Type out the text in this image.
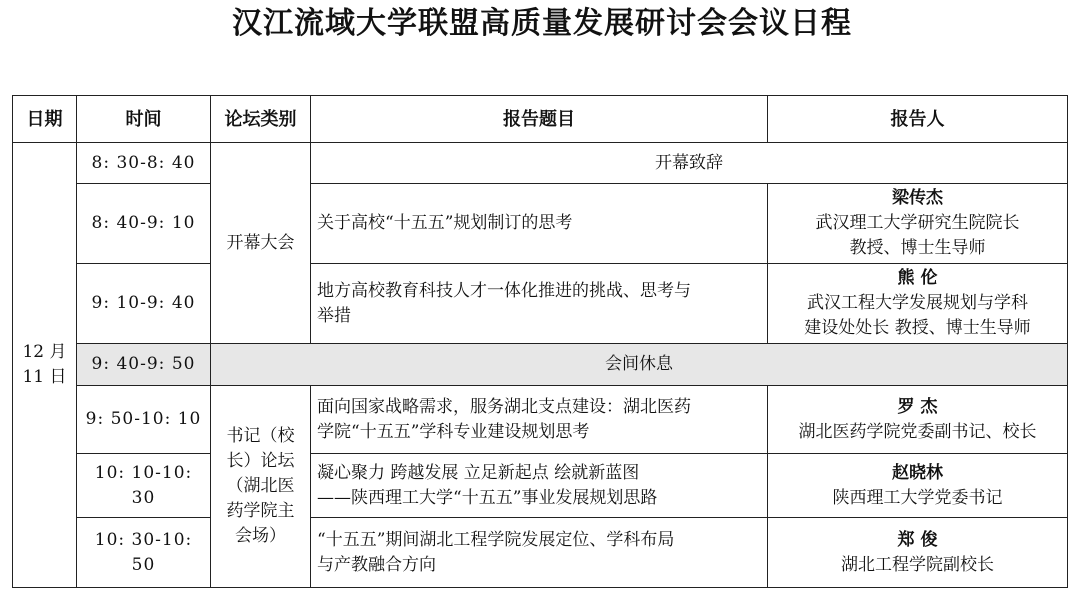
汉江流域大学联盟高质量发展研讨会会议日程
日期	时间	论坛类别	报告题目	报告人
12 月
11 日	8: 30-8: 40	开幕大会	开幕致辞	
	8: 40-9: 10		关于高校“十五五”规划制订的思考	梁传杰
武汉理工大学研究生院院长
教授、博士生导师
	9: 10-9: 40		地方高校教育科技人才一体化推进的挑战、思考与
举措	熊 伦
武汉工程大学发展规划与学科
建设处处长 教授、博士生导师
	9: 40-9: 50	会间休息		
	9: 50-10: 10	书记（校
长）论坛
（湖北医
药学院主
会场）	面向国家战略需求，服务湖北支点建设：湖北医药
学院“十五五”学科专业建设规划思考	罗 杰
湖北医药学院党委副书记、校长
	10: 10-10: 30		凝心聚力 跨越发展 立足新起点 绘就新蓝图
——陕西理工大学“十五五”事业发展规划思路	赵晓林
陕西理工大学党委书记
	10: 30-10: 50		“十五五”期间湖北工程学院发展定位、学科布局
与产教融合方向	郑 俊
湖北工程学院副校长
